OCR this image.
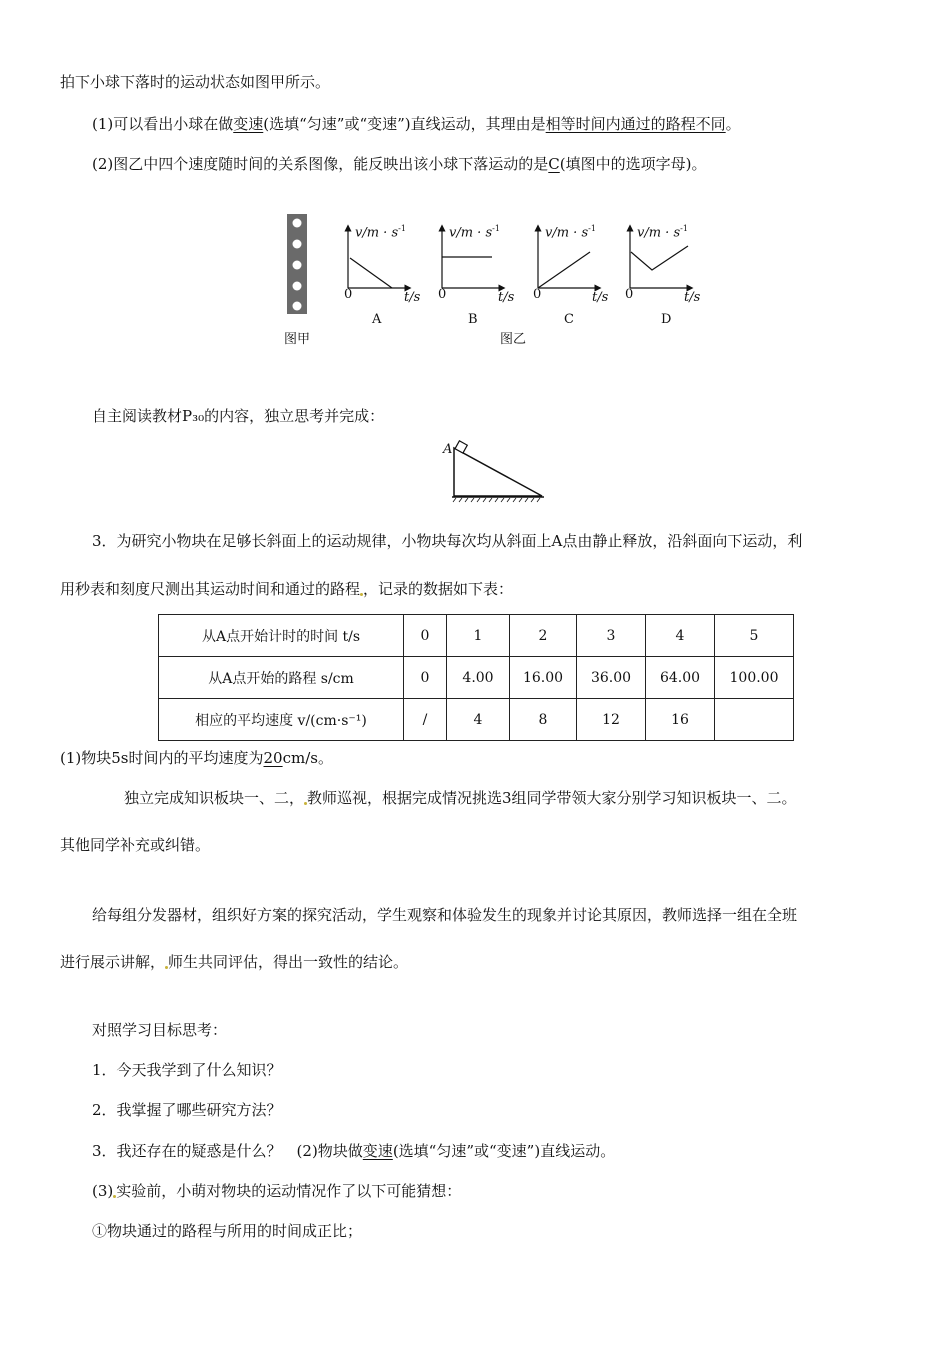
拍下小球下落时的运动状态如图甲所示。
(1)可以看出小球在做变速(选填“匀速”或“变速”)直线运动，其理由是相等时间内通过的路程不同。
(2)图乙中四个速度随时间的关系图像，能反映出该小球下落运动的是C(填图中的选项字母)。
$v/m \cdot s^{-1}$	$v/m \cdot s^{-1}$	$v/m \cdot s^{-1}$	$v/m \cdot s^{-1}$
0	0	0	0
t/s	t/s	t/s	t/s
A	B	C	D
图甲	图乙
自主阅读教材P₃₀的内容，独立思考并完成：
A
3．为研究小物块在足够长斜面上的运动规律，小物块每次均从斜面上A点由静止释放，沿斜面向下运动，利
用秒表和刻度尺测出其运动时间和通过的路程 ，记录的数据如下表：
从A点开始计时的时间 t/s	0	1	2	3	4	5
从A点开始的路程 s/cm	0	4.00	16.00	36.00	64.00	100.00
相应的平均速度 v/(cm·s⁻¹)	/	4	8	12	16	
(1)物块5s时间内的平均速度为20cm/s。
独立完成知识板块一、二， 教师巡视，根据完成情况挑选3组同学带领大家分别学习知识板块一、二。
其他同学补充或纠错。
给每组分发器材，组织好方案的探究活动，学生观察和体验发生的现象并讨论其原因，教师选择一组在全班
进行展示讲解， 师生共同评估，得出一致性的结论。
对照学习目标思考：
1．今天我学到了什么知识？
2．我掌握了哪些研究方法？
3．我还存在的疑惑是什么？　(2)物块做变速(选填“匀速”或“变速”)直线运动。
(3) 实验前，小萌对物块的运动情况作了以下可能猜想：
①物块通过的路程与所用的时间成正比；
